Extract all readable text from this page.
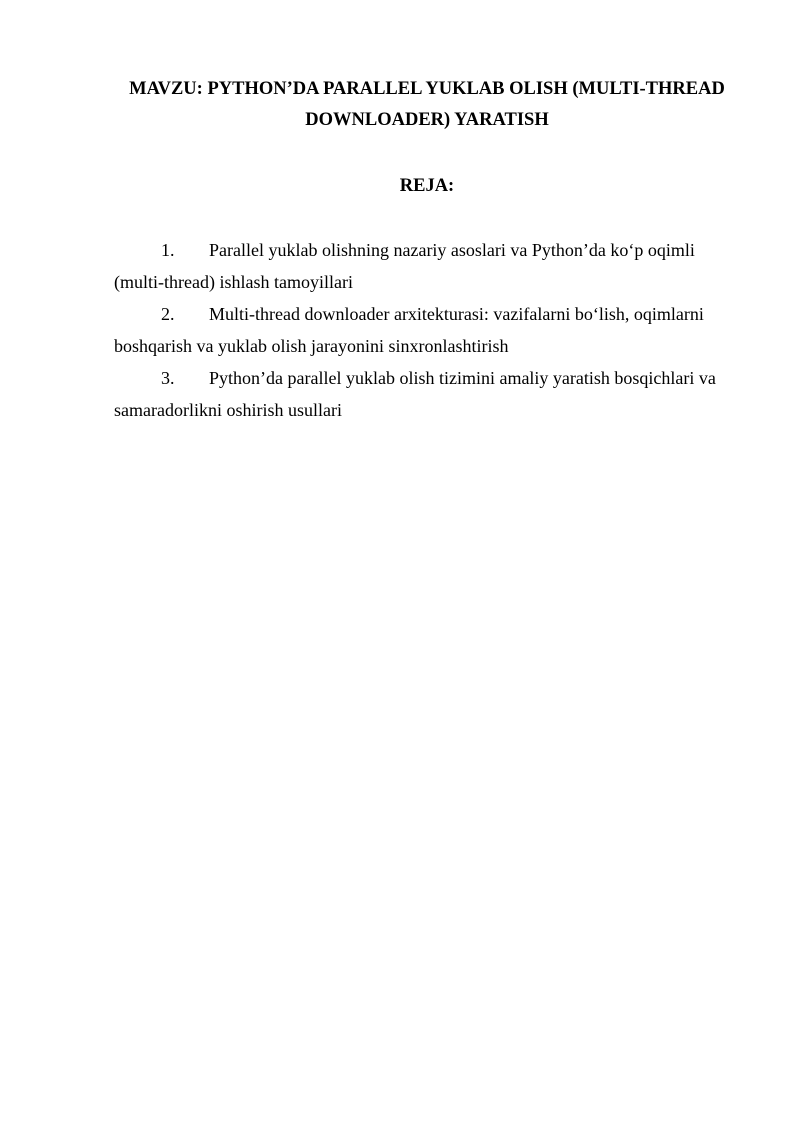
MAVZU: PYTHON’DA PARALLEL YUKLAB OLISH (MULTI-THREAD DOWNLOADER) YARATISH
REJA:
1. Parallel yuklab olishning nazariy asoslari va Python’da ko‘p oqimli (multi-thread) ishlash tamoyillari
2. Multi-thread downloader arxitekturasi: vazifalarni bo‘lish, oqimlarni boshqarish va yuklab olish jarayonini sinxronlashtirish
3. Python’da parallel yuklab olish tizimini amaliy yaratish bosqichlari va samaradorlikni oshirish usullari
